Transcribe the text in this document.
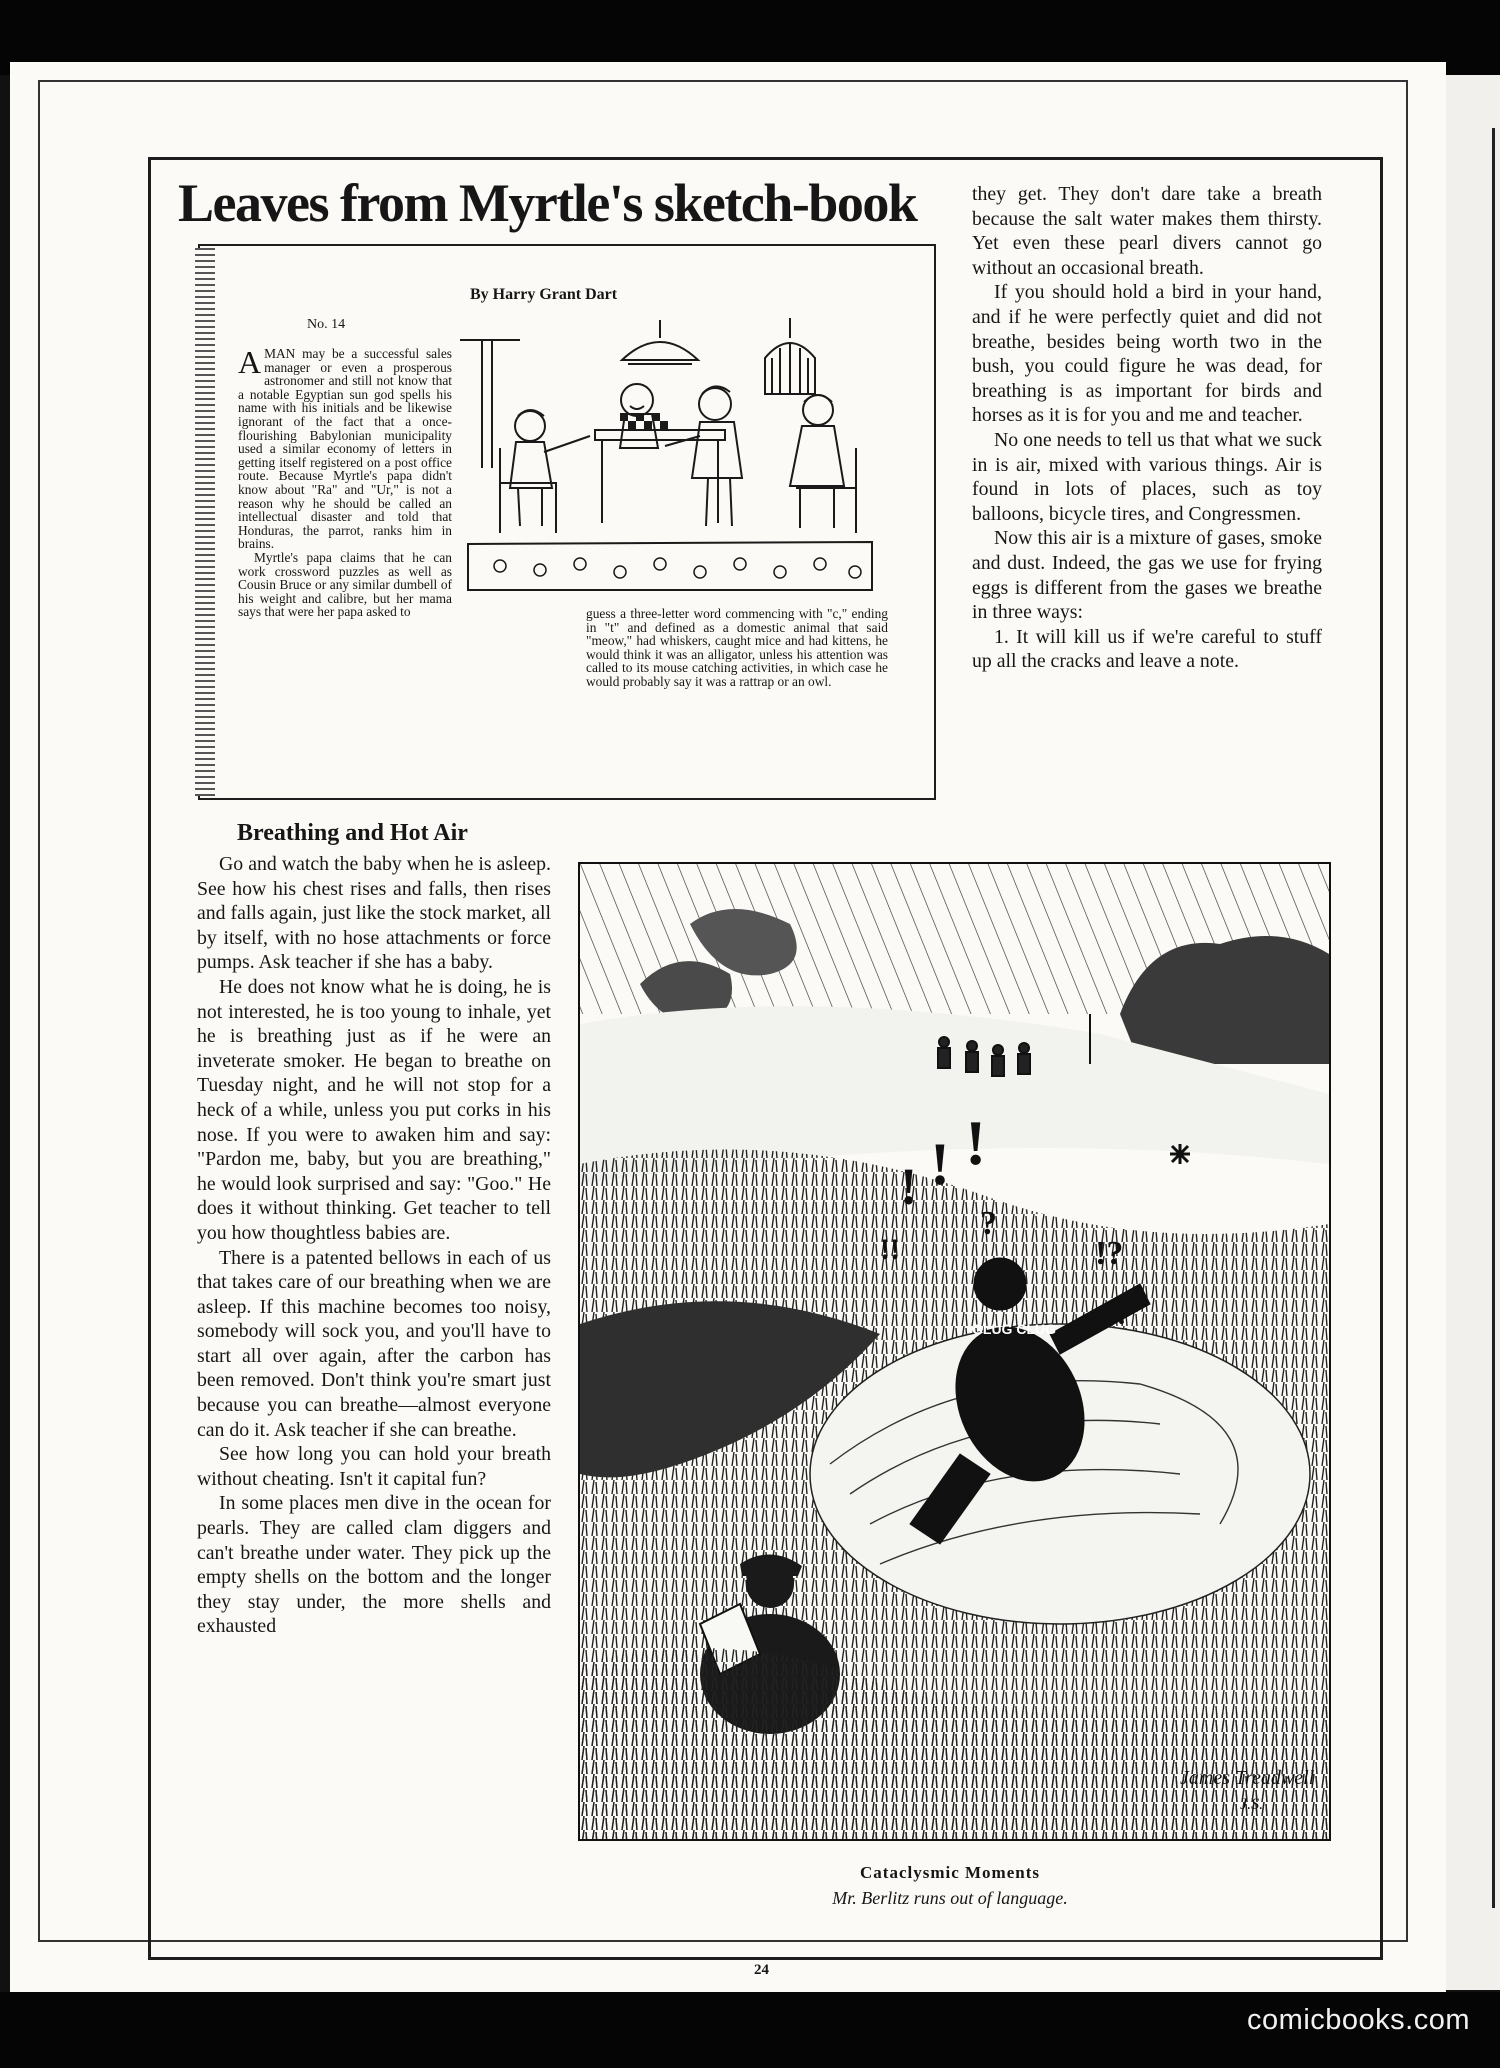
Leaves from Myrtle's sketch-book
By Harry Grant Dart
No. 14

AMAN may be a successful sales manager or even a prosperous astronomer and still not know that a notable Egyptian sun god spells his name with his initials and be likewise ignorant of the fact that a once-flourishing Babylonian municipality used a similar economy of letters in getting itself registered on a post office route. Because Myrtle's papa didn't know about "Ra" and "Ur," is not a reason why he should be called an intellectual disaster and told that Honduras, the parrot, ranks him in brains.

Myrtle's papa claims that he can work crossword puzzles as well as Cousin Bruce or any similar dumbell of his weight and calibre, but her mama says that were her papa asked to	guess a three-letter word commencing with "c," ending in "t" and defined as a domestic animal that said "meow," had whiskers, caught mice and had kittens, he would think it was an alligator, unless his attention was called to its mouse catching activities, in which case he would probably say it was a rattrap or an owl.

Breathing and Hot Air

Go and watch the baby when he is asleep. See how his chest rises and falls, then rises and falls again, just like the stock market, all by itself, with no hose attachments or force pumps. Ask teacher if she has a baby.

He does not know what he is doing, he is not interested, he is too young to inhale, yet he is breathing just as if he were an inveterate smoker. He began to breathe on Tuesday night, and he will not stop for a heck of a while, unless you put corks in his nose. If you were to awaken him and say: "Pardon me, baby, but you are breathing," he would look surprised and say: "Goo." He does it without thinking. Get teacher to tell you how thoughtless babies are.

There is a patented bellows in each of us that takes care of our breathing when we are asleep. If this machine becomes too noisy, somebody will sock you, and you'll have to start all over again, after the carbon has been removed. Don't think you're smart just because you can breathe—almost everyone can do it. Ask teacher if she can breathe.

See how long you can hold your breath without cheating. Isn't it capital fun?

In some places men dive in the ocean for pearls. They are called clam diggers and can't breathe under water. They pick up the empty shells on the bottom and the longer they stay under, the more shells and exhausted

they get. They don't dare take a breath because the salt water makes them thirsty. Yet even these pearl divers cannot go without an occasional breath.

If you should hold a bird in your hand, and if he were perfectly quiet and did not breathe, besides being worth two in the bush, you could figure he was dead, for breathing is as important for birds and horses as it is for you and me and teacher.

No one needs to tell us that what we suck in is air, mixed with various things. Air is found in lots of places, such as toy balloons, bicycle tires, and Congressmen.

Now this air is a mixture of gases, smoke and dust. Indeed, the gas we use for frying eggs is different from the gases we breathe in three ways:

1. It will kill us if we're careful to stuff up all the cracks and leave a note.

GLUG CLUG
! ! !
?
!?
??
!!
James Treadwell
J.S.
Cataclysmic Moments
Mr. Berlitz runs out of language.
24
comicbooks.com
